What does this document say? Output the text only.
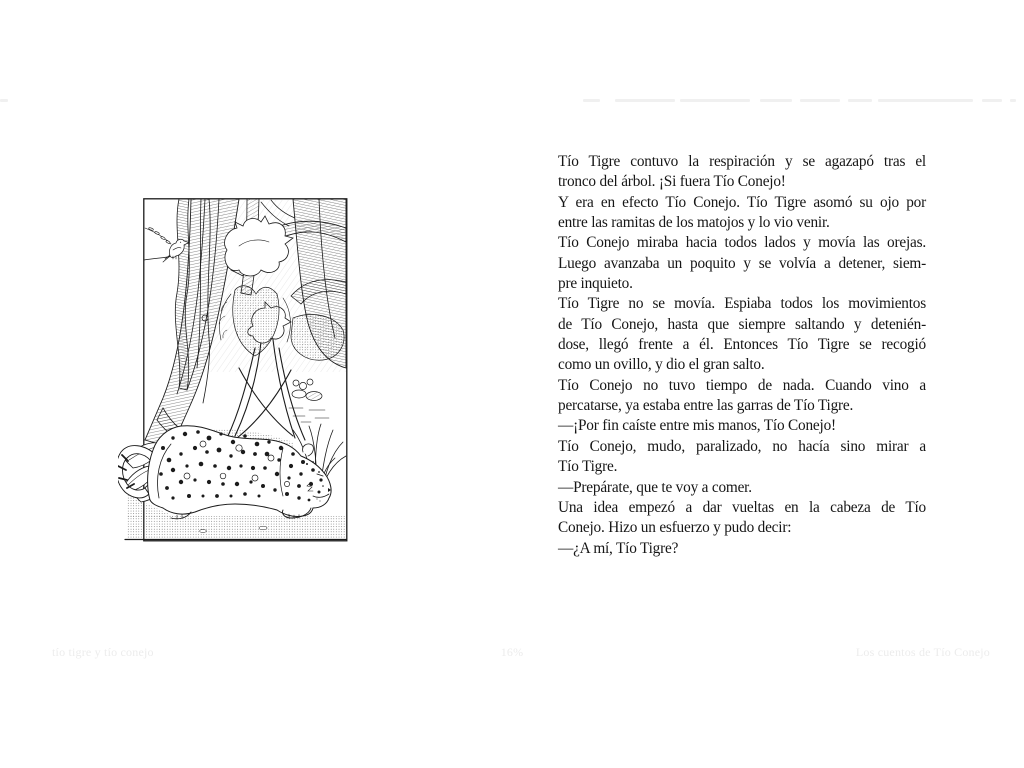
Tío Tigre contuvo la respiración y se agazapó tras el
tronco del árbol. ¡Si fuera Tío Conejo!
Y era en efecto Tío Conejo. Tío Tigre asomó su ojo por
entre las ramitas de los matojos y lo vio venir.
Tío Conejo miraba hacia todos lados y movía las orejas.
Luego avanzaba un poquito y se volvía a detener, siem-
pre inquieto.
Tío Tigre no se movía. Espiaba todos los movimientos
de Tío Conejo, hasta que siempre saltando y detenién-
dose, llegó frente a él. Entonces Tío Tigre se recogió
como un ovillo, y dio el gran salto.
Tío Conejo no tuvo tiempo de nada. Cuando vino a
percatarse, ya estaba entre las garras de Tío Tigre.
—¡Por fin caíste entre mis manos, Tío Conejo!
Tío Conejo, mudo, paralizado, no hacía sino mirar a
Tío Tigre.
—Prepárate, que te voy a comer.
Una idea empezó a dar vueltas en la cabeza de Tío
Conejo. Hizo un esfuerzo y pudo decir:
—¿A mí, Tío Tigre?
tío tigre y tío conejo	16%	Los cuentos de Tío Conejo
